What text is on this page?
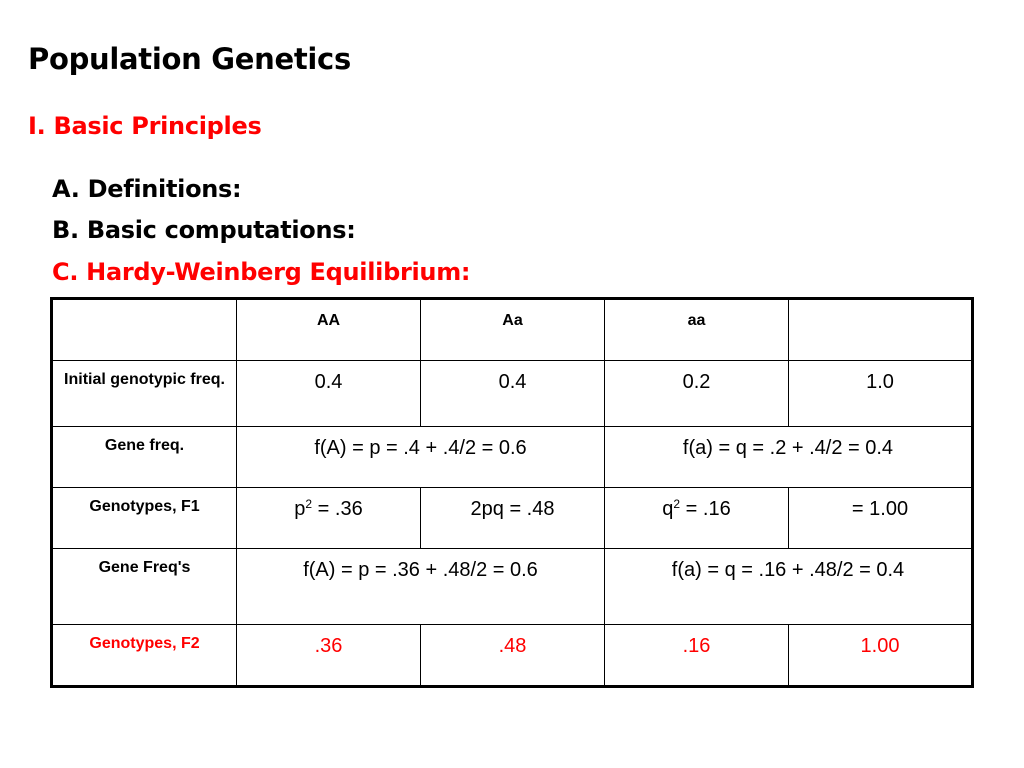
Population Genetics
I. Basic Principles
A. Definitions:
B. Basic computations:
C. Hardy-Weinberg Equilibrium:
	AA	Aa	aa	

Initial genotypic freq.	0.4	0.4	0.2	1.0

Gene freq.	f(A) = p = .4 + .4/2 = 0.6		f(a) = q = .2 + .4/2 = 0.4	

Genotypes, F1	$p^2 = .36$	2pq = .48	$q^2 = .16$	= 1.00

Gene Freq's	f(A) = p = .36 + .48/2 = 0.6		f(a) = q = .16 + .48/2 = 0.4	

Genotypes, F2	.36	.48	.16	1.00
